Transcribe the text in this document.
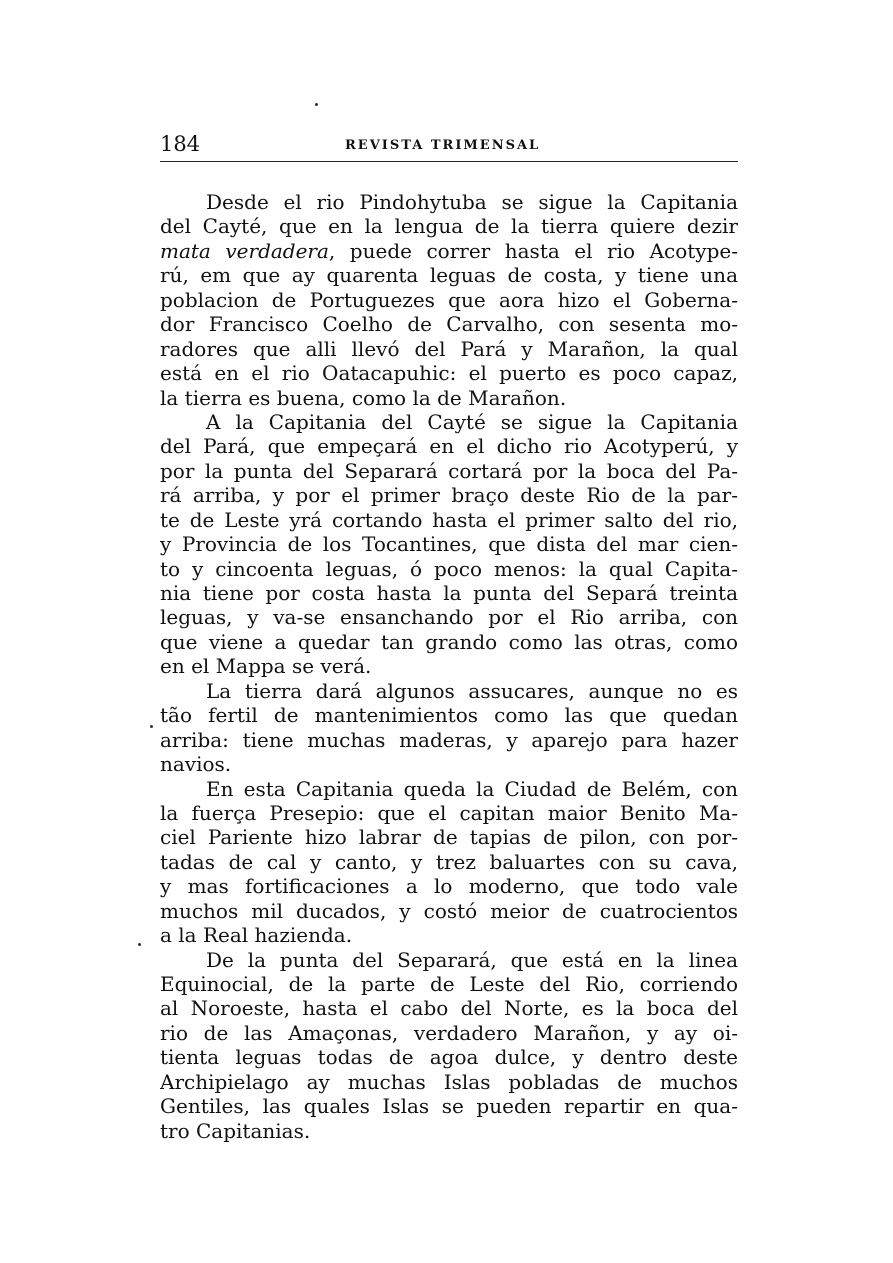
184	REVISTA TRIMENSAL
Desde el rio Pindohytuba se sigue la Capitania
del Cayté, que en la lengua de la tierra quiere dezir
mata verdadera, puede correr hasta el rio Acotype-
rú, em que ay quarenta leguas de costa, y tiene una
poblacion de Portuguezes que aora hizo el Goberna-
dor Francisco Coelho de Carvalho, con sesenta mo-
radores que alli llevó del Pará y Marañon, la qual
está en el rio Oatacapuhic: el puerto es poco capaz,
la tierra es buena, como la de Marañon.
A la Capitania del Cayté se sigue la Capitania
del Pará, que empeçará en el dicho rio Acotyperú, y
por la punta del Separará cortará por la boca del Pa-
rá arriba, y por el primer braço deste Rio de la par-
te de Leste yrá cortando hasta el primer salto del rio,
y Provincia de los Tocantines, que dista del mar cien-
to y cincoenta leguas, ó poco menos: la qual Capita-
nia tiene por costa hasta la punta del Separá treinta
leguas, y va-se ensanchando por el Rio arriba, con
que viene a quedar tan grando como las otras, como
en el Mappa se verá.
La tierra dará algunos assucares, aunque no es
tão fertil de mantenimientos como las que quedan
arriba: tiene muchas maderas, y aparejo para hazer
navios.
En esta Capitania queda la Ciudad de Belém, con
la fuerça Presepio: que el capitan maior Benito Ma-
ciel Pariente hizo labrar de tapias de pilon, con por-
tadas de cal y canto, y trez baluartes con su cava,
y mas fortificaciones a lo moderno, que todo vale
muchos mil ducados, y costó meior de cuatrocientos
a la Real hazienda.
De la punta del Separará, que está en la linea
Equinocial, de la parte de Leste del Rio, corriendo
al Noroeste, hasta el cabo del Norte, es la boca del
rio de las Amaçonas, verdadero Marañon, y ay oi-
tienta leguas todas de agoa dulce, y dentro deste
Archipielago ay muchas Islas pobladas de muchos
Gentiles, las quales Islas se pueden repartir en qua-
tro Capitanias.
